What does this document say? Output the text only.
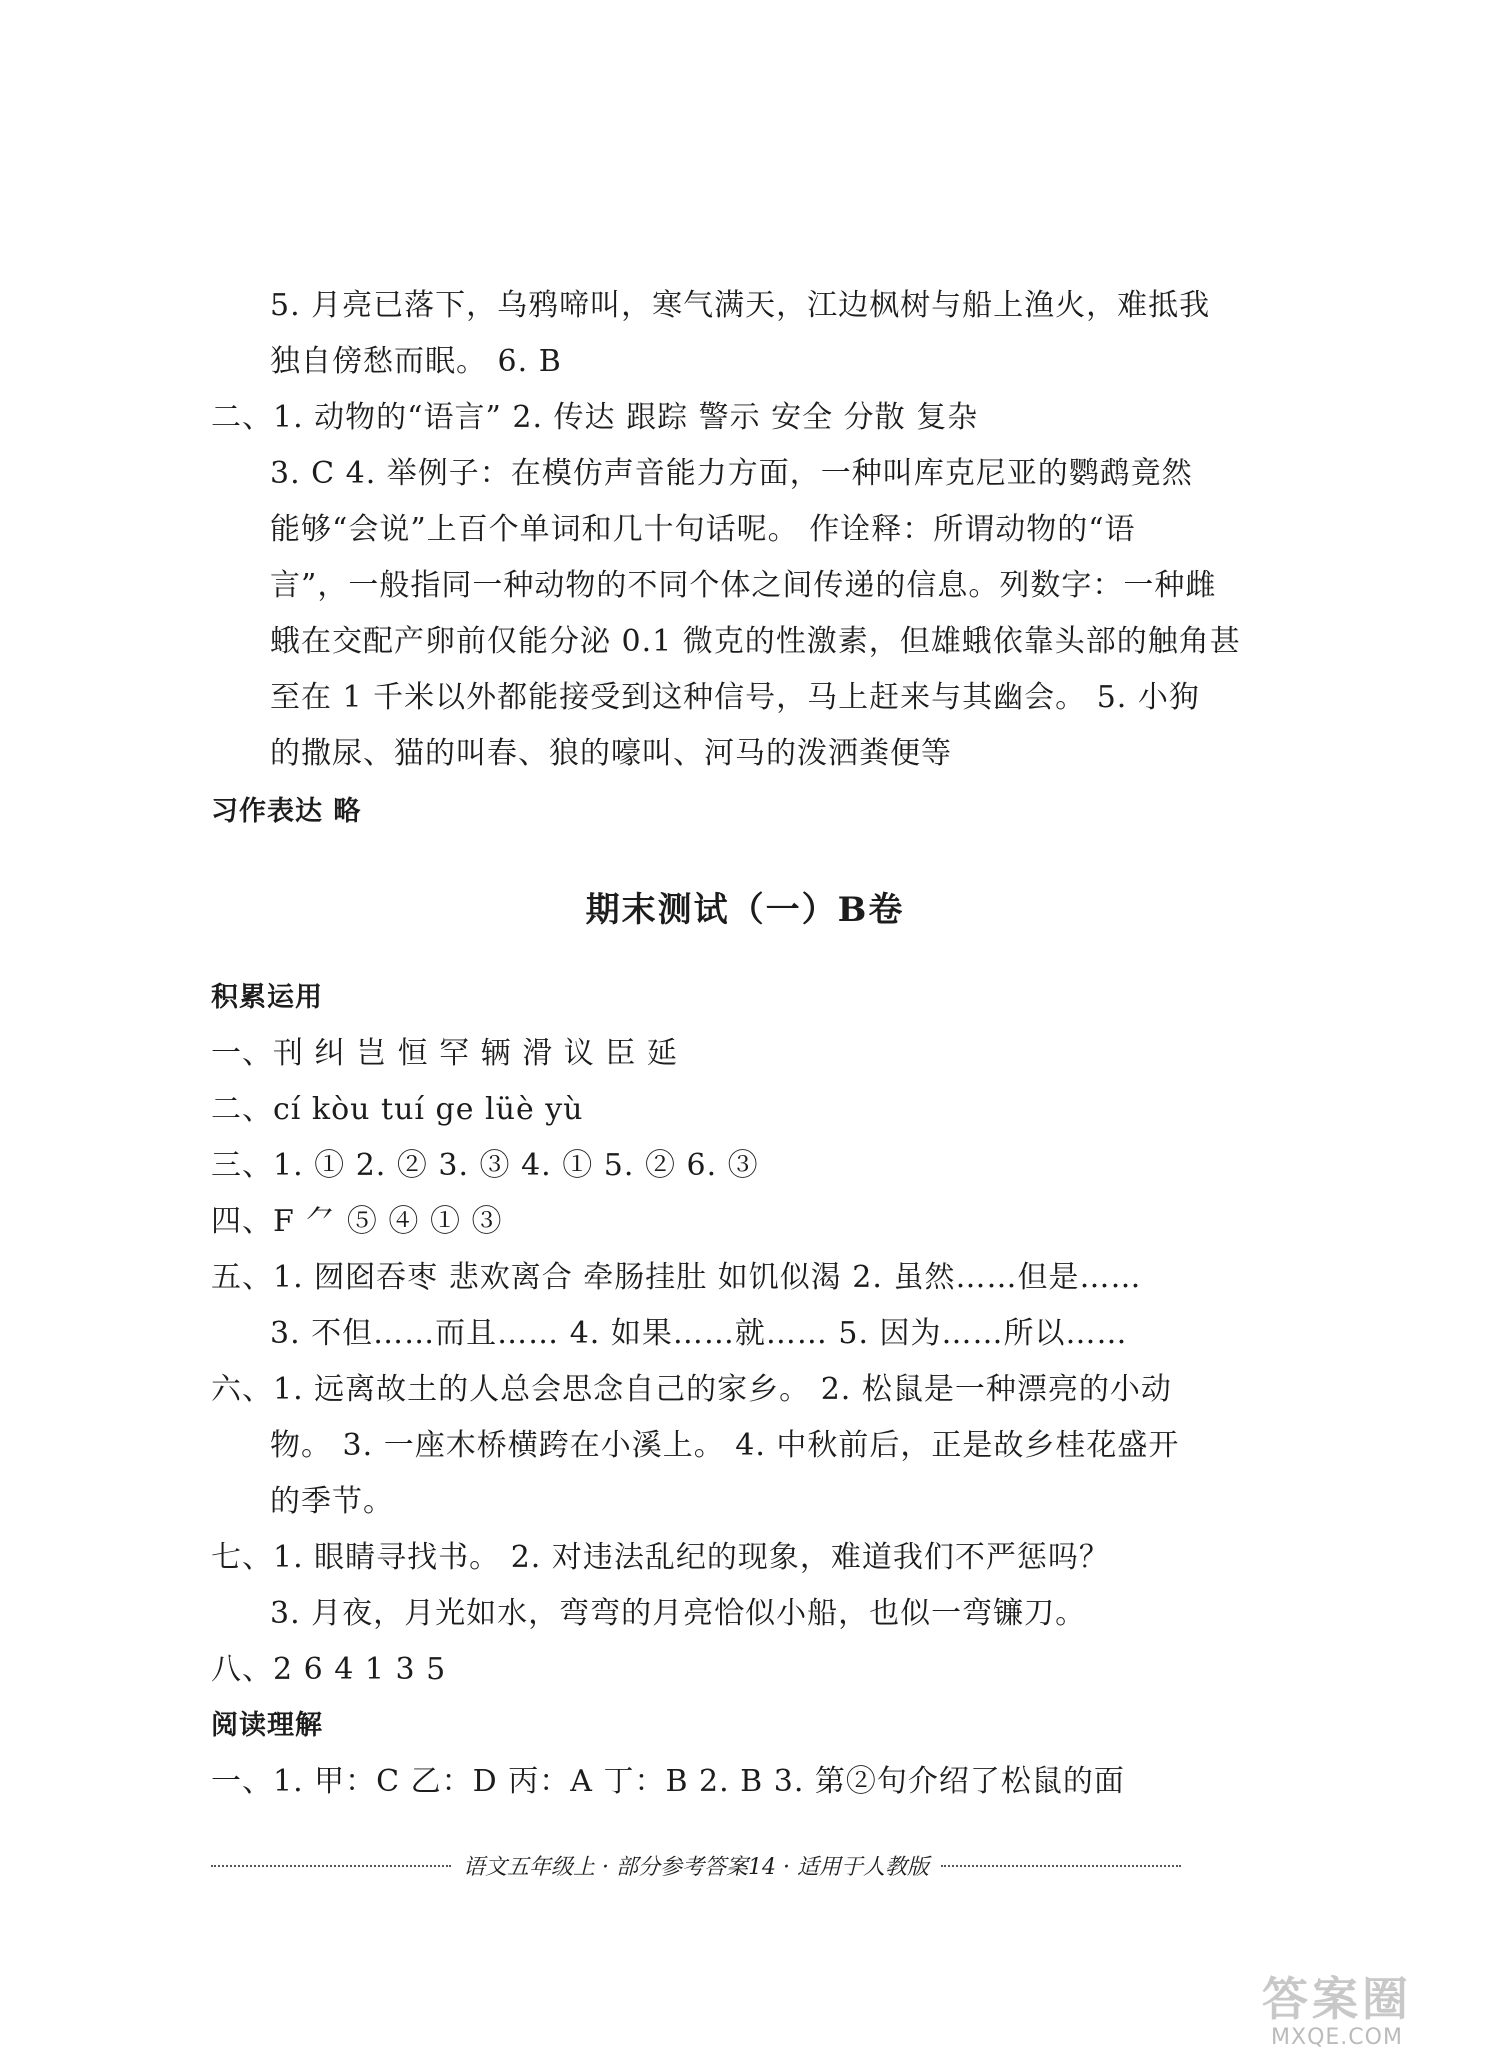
5. 月亮已落下，乌鸦啼叫，寒气满天，江边枫树与船上渔火，难抵我
独自傍愁而眠。 6. B
二、1. 动物的“语言” 2. 传达 跟踪 警示 安全 分散 复杂
3. C 4. 举例子：在模仿声音能力方面，一种叫库克尼亚的鹦鹉竟然
能够“会说”上百个单词和几十句话呢。 作诠释：所谓动物的“语
言”，一般指同一种动物的不同个体之间传递的信息。列数字：一种雌
蛾在交配产卵前仅能分泌 0.1 微克的性激素，但雄蛾依靠头部的触角甚
至在 1 千米以外都能接受到这种信号，马上赶来与其幽会。 5. 小狗
的撒尿、猫的叫春、狼的嚎叫、河马的泼洒粪便等
习作表达 略
期末测试（一）B卷
积累运用
一、刊 纠 岂 恒 罕 辆 滑 议 臣 延
二、cí kòu tuí ge lüè yù
三、1. ① 2. ② 3. ③ 4. ① 5. ② 6. ③
四、F ⺈ ⑤ ④ ① ③
五、1. 囫囵吞枣 悲欢离合 牵肠挂肚 如饥似渴 2. 虽然……但是……
3. 不但……而且…… 4. 如果……就…… 5. 因为……所以……
六、1. 远离故土的人总会思念自己的家乡。 2. 松鼠是一种漂亮的小动
物。 3. 一座木桥横跨在小溪上。 4. 中秋前后，正是故乡桂花盛开
的季节。
七、1. 眼睛寻找书。 2. 对违法乱纪的现象，难道我们不严惩吗？
3. 月夜，月光如水，弯弯的月亮恰似小船，也似一弯镰刀。
八、2 6 4 1 3 5
阅读理解
一、1. 甲：C 乙：D 丙：A 丁：B 2. B 3. 第②句介绍了松鼠的面
语文五年级上 · 部分参考答案14 · 适用于人教版
答案圈
MXQE.COM
